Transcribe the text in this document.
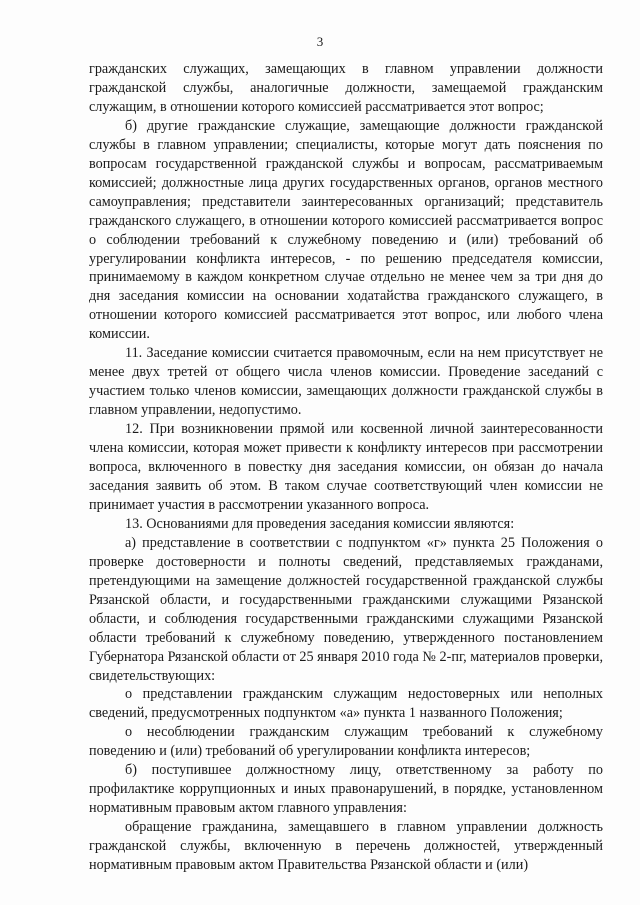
3

гражданских служащих, замещающих в главном управлении должности гражданской службы, аналогичные должности, замещаемой гражданским служащим, в отношении которого комиссией рассматривается этот вопрос;

б) другие гражданские служащие, замещающие должности гражданской службы в главном управлении; специалисты, которые могут дать пояснения по вопросам государственной гражданской службы и вопросам, рассматриваемым комиссией; должностные лица других государственных органов, органов местного самоуправления; представители заинтересованных организаций; представитель гражданского служащего, в отношении которого комиссией рассматривается вопрос о соблюдении требований к служебному поведению и (или) требований об урегулировании конфликта интересов, - по решению председателя комиссии, принимаемому в каждом конкретном случае отдельно не менее чем за три дня до дня заседания комиссии на основании ходатайства гражданского служащего, в отношении которого комиссией рассматривается этот вопрос, или любого члена комиссии.

11. Заседание комиссии считается правомочным, если на нем присутствует не менее двух третей от общего числа членов комиссии. Проведение заседаний с участием только членов комиссии, замещающих должности гражданской службы в главном управлении, недопустимо.

12. При возникновении прямой или косвенной личной заинтересованности члена комиссии, которая может привести к конфликту интересов при рассмотрении вопроса, включенного в повестку дня заседания комиссии, он обязан до начала заседания заявить об этом. В таком случае соответствующий член комиссии не принимает участия в рассмотрении указанного вопроса.

13. Основаниями для проведения заседания комиссии являются:

а) представление в соответствии с подпунктом «г» пункта 25 Положения о проверке достоверности и полноты сведений, представляемых гражданами, претендующими на замещение должностей государственной гражданской службы Рязанской области, и государственными гражданскими служащими Рязанской области, и соблюдения государственными гражданскими служащими Рязанской области требований к служебному поведению, утвержденного постановлением Губернатора Рязанской области от 25 января 2010 года № 2-пг, материалов проверки, свидетельствующих:

о представлении гражданским служащим недостоверных или неполных сведений, предусмотренных подпунктом «а» пункта 1 названного Положения;

о несоблюдении гражданским служащим требований к служебному поведению и (или) требований об урегулировании конфликта интересов;

б) поступившее должностному лицу, ответственному за работу по профилактике коррупционных и иных правонарушений, в порядке, установленном нормативным правовым актом главного управления:

обращение гражданина, замещавшего в главном управлении должность гражданской службы, включенную в перечень должностей, утвержденный нормативным правовым актом Правительства Рязанской области и (или)
